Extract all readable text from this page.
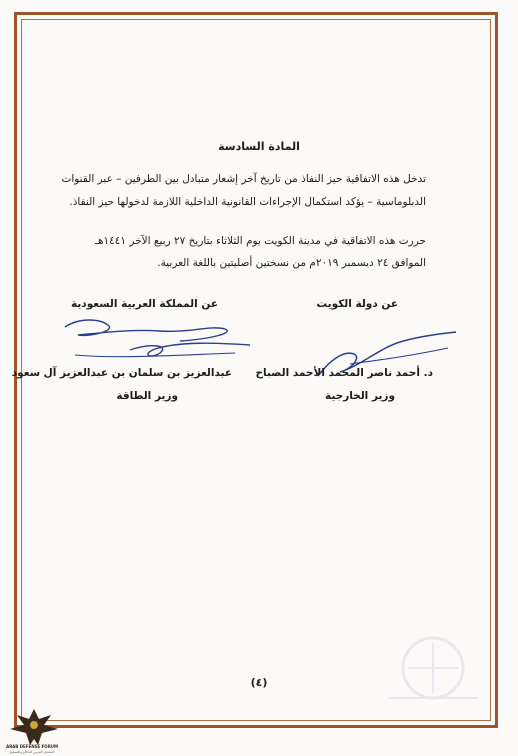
المادة السادسة
تدخل هذه الاتفاقية حيز النفاذ من تاريخ آخر إشعار متبادل بين الطرفين – عبر القنوات
الدبلوماسية – يؤكد استكمال الإجراءات القانونية الداخلية اللازمة لدخولها حيز النفاذ.
حررت هذه الاتفاقية في مدينة الكويت يوم الثلاثاء بتاريخ ٢٧ ربيع الآخر ١٤٤١هـ
الموافق ٢٤ ديسمبر ٢٠١٩م من نسختين أصليتين باللغة العربية.
عن المملكة العربية السعودية	عن دولة الكويت
عبدالعزيز بن سلمان بن عبدالعزيز آل سعود
وزير الطاقة
د. أحمد ناصر المحمد الأحمد الصباح
وزير الخارجية
(٤)
ARAB DEFENSE FORUM
المنتدى العربي للدفاع والتسليح
